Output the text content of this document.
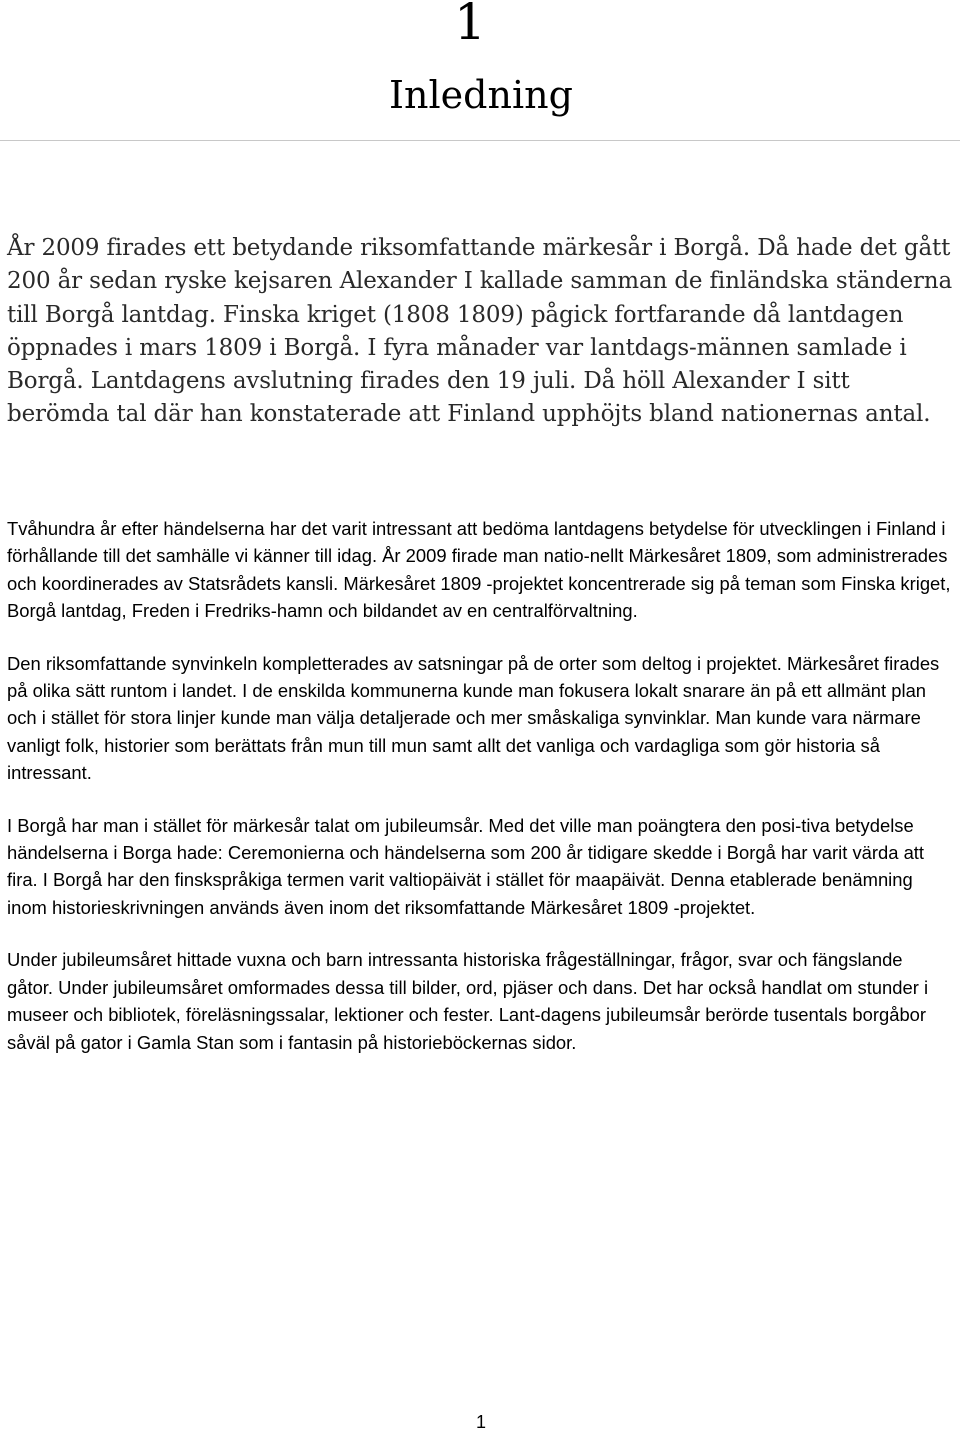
1
Inledning

År 2009 firades ett betydande riksomfattande märkesår i Borgå. Då hade det gått 200 år sedan ryske kejsaren Alexander I kallade samman de finländska ständerna till Borgå lantdag. Finska kriget (1808 1809) pågick fortfarande då lantdagen öppnades i mars 1809 i Borgå. I fyra månader var lantdags-männen samlade i Borgå. Lantdagens avslutning firades den 19 juli. Då höll Alexander I sitt berömda tal där han konstaterade att Finland upphöjts bland nationernas antal.

Tvåhundra år efter händelserna har det varit intressant att bedöma lantdagens betydelse för utvecklingen i Finland i förhållande till det samhälle vi känner till idag. År 2009 firade man natio-nellt Märkesåret 1809, som administrerades och koordinerades av Statsrådets kansli. Märkesåret 1809 -projektet koncentrerade sig på teman som Finska kriget, Borgå lantdag, Freden i Fredriks-hamn och bildandet av en centralförvaltning.

Den riksomfattande synvinkeln kompletterades av satsningar på de orter som deltog i projektet. Märkesåret firades på olika sätt runtom i landet. I de enskilda kommunerna kunde man fokusera lokalt snarare än på ett allmänt plan och i stället för stora linjer kunde man välja detaljerade och mer småskaliga synvinklar. Man kunde vara närmare vanligt folk, historier som berättats från mun till mun samt allt det vanliga och vardagliga som gör historia så intressant.

I Borgå har man i stället för märkesår talat om jubileumsår. Med det ville man poängtera den posi-tiva betydelse händelserna i Borga hade: Ceremonierna och händelserna som 200 år tidigare skedde i Borgå har varit värda att fira. I Borgå har den finskspråkiga termen varit valtiopäivät i stället för maapäivät. Denna etablerade benämning inom historieskrivningen används även inom det riksomfattande Märkesåret 1809 -projektet.

Under jubileumsåret hittade vuxna och barn intressanta historiska frågeställningar, frågor, svar och fängslande gåtor. Under jubileumsåret omformades dessa till bilder, ord, pjäser och dans. Det har också handlat om stunder i museer och bibliotek, föreläsningssalar, lektioner och fester. Lant-dagens jubileumsår berörde tusentals borgåbor såväl på gator i Gamla Stan som i fantasin på historieböckernas sidor.

1
